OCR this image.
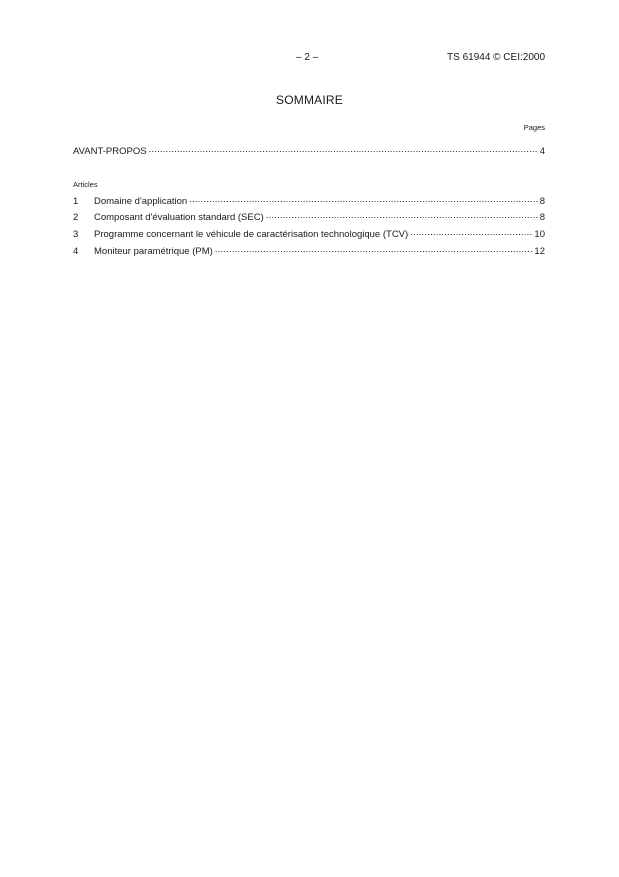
– 2 –	TS 61944 © CEI:2000
SOMMAIRE
Pages
AVANT-PROPOS .....	4
Articles
1	Domaine d'application .....	8
2	Composant d'évaluation standard (SEC) .....	8
3	Programme concernant le véhicule de caractérisation technologique (TCV) .....	10
4	Moniteur paramétrique (PM) .....	12
